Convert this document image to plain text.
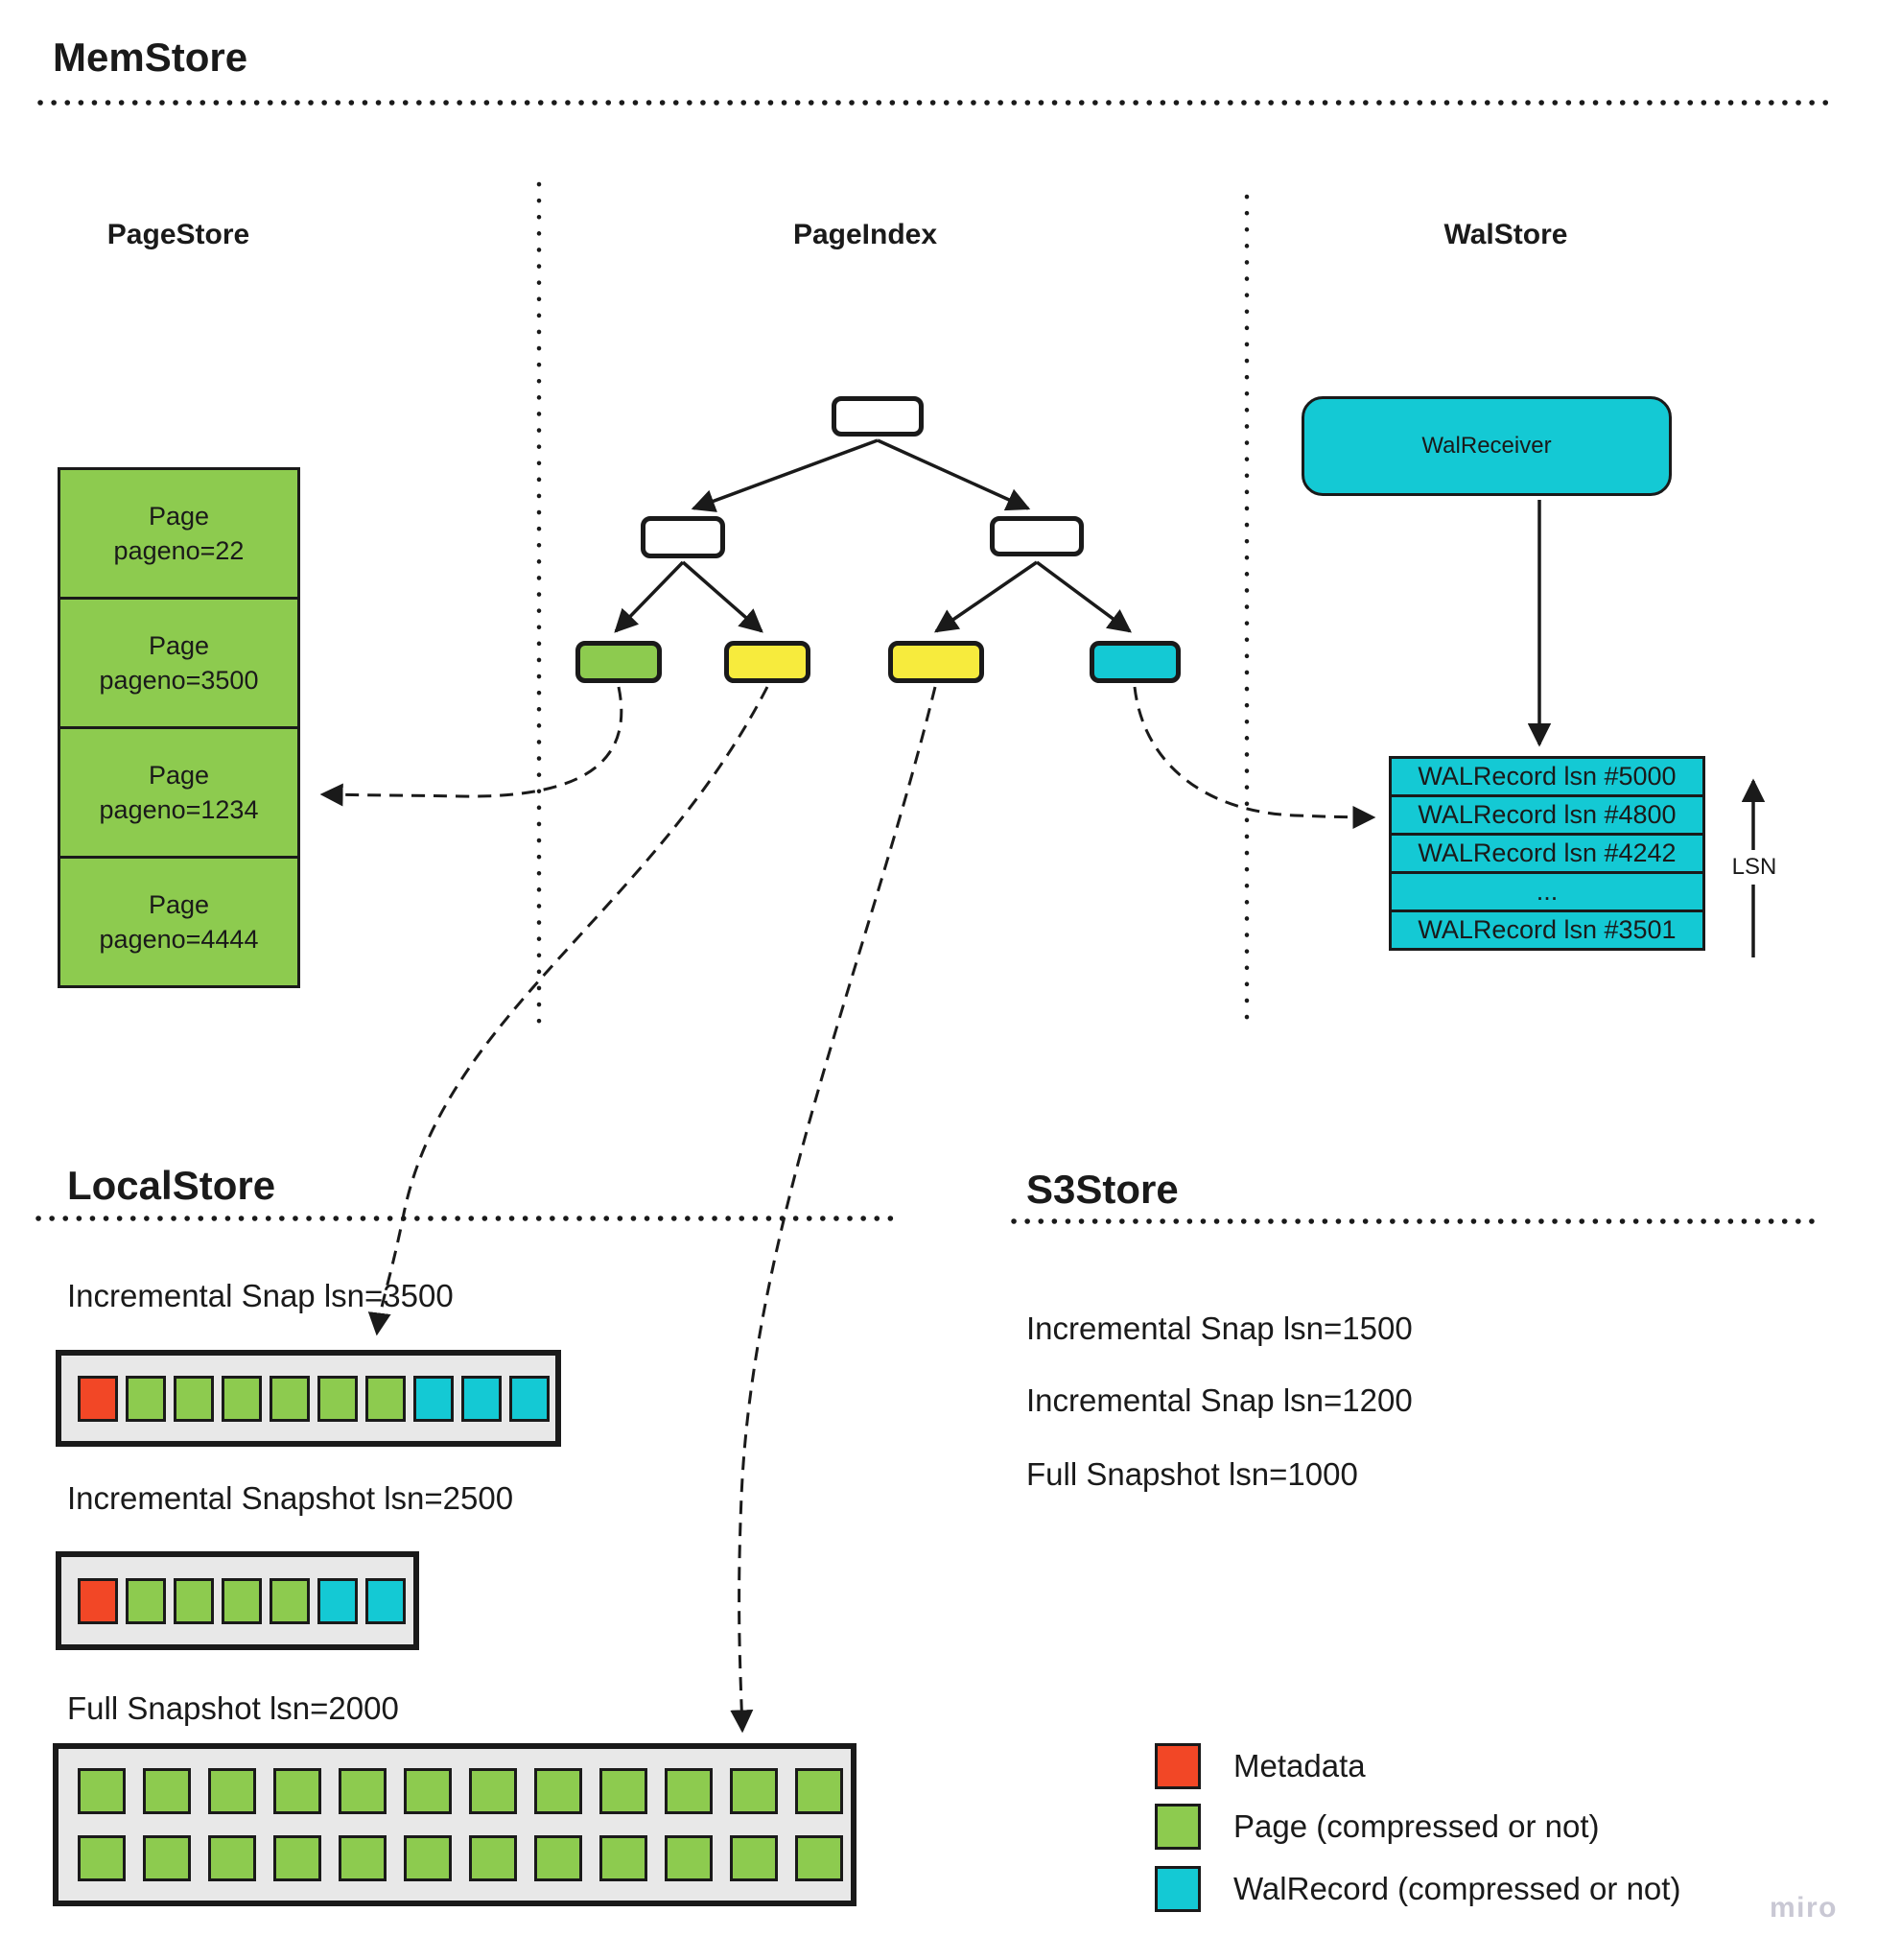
MemStore
PageStore	PageIndex	WalStore
Page
pageno=22
Page
pageno=3500
Page
pageno=1234
Page
pageno=4444
WalReceiver
WALRecord lsn #5000
WALRecord lsn #4800
WALRecord lsn #4242
...
WALRecord lsn #3501
LSN
LocalStore
Incremental Snap lsn=3500
Incremental Snapshot lsn=2500
Full Snapshot lsn=2000
S3Store
Incremental Snap lsn=1500
Incremental Snap lsn=1200
Full Snapshot lsn=1000
Metadata
Page (compressed or not)
WalRecord (compressed or not)
miro
